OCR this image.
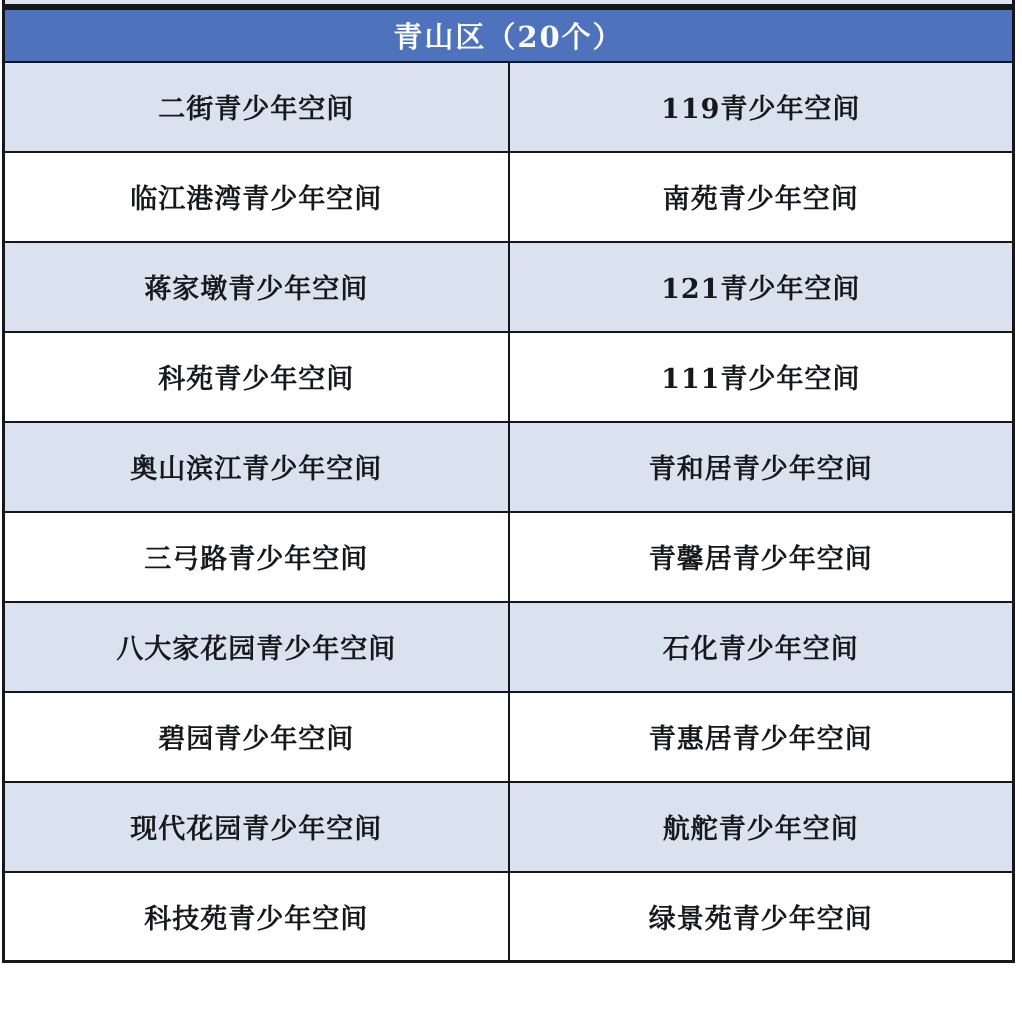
青山区（20个）	
二街青少年空间	119青少年空间
临江港湾青少年空间	南苑青少年空间
蒋家墩青少年空间	121青少年空间
科苑青少年空间	111青少年空间
奥山滨江青少年空间	青和居青少年空间
三弓路青少年空间	青馨居青少年空间
八大家花园青少年空间	石化青少年空间
碧园青少年空间	青惠居青少年空间
现代花园青少年空间	航舵青少年空间
科技苑青少年空间	绿景苑青少年空间
